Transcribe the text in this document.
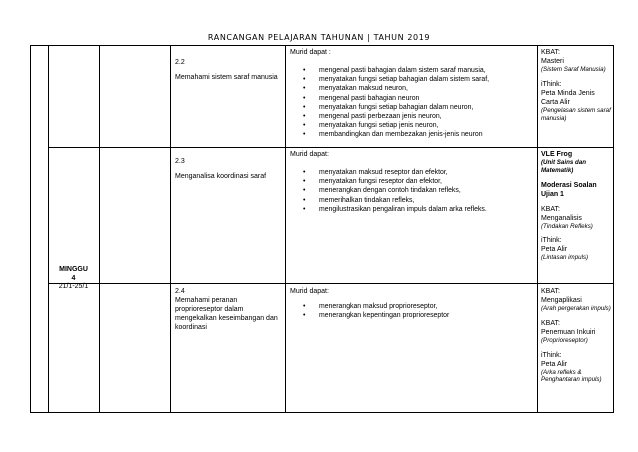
RANCANGAN PELAJARAN TAHUNAN | TAHUN 2019
MINGGU
4
21/1-25/1

2.2

Memahami sistem saraf manusia

Murid dapat :

• mengenal pasti bahagian dalam sistem saraf manusia,
• menyatakan fungsi setiap bahagian dalam sistem saraf,
• menyatakan maksud neuron,
• mengenal pasti bahagian neuron
• menyatakan fungsi setiap bahagian dalam neuron,
• mengenal pasti perbezaan jenis neuron,
• menyatakan fungsi setiap jenis neuron,
• membandingkan dan membezakan jenis-jenis neuron

KBAT:

Masteri

(Sistem Saraf Manusia)

iThink:

Peta Minda Jenis Carta Alir

(Pengelasan sistem saraf manusia)

2.3

Menganalisa koordinasi saraf

Murid dapat:

• menyatakan maksud reseptor dan efektor,
• menyatakan fungsi reseptor dan efektor,
• menerangkan dengan contoh tindakan refleks,
• memerihalkan tindakan refleks,
• mengilustrasikan pengaliran impuls dalam arka refleks.

VLE Frog

(Unit Sains dan Matematik)

Moderasi Soalan Ujian 1

KBAT:

Menganalisis

(Tindakan Refleks)

iThink:

Peta Alir

(Lintasan impuls)

2.4

Memahami peranan proprioreseptor dalam mengekalkan keseimbangan dan koordinasi

Murid dapat:

• menerangkan maksud proprioreseptor,
• menerangkan kepentingan proprioreseptor

KBAT:

Mengaplikasi

(Arah pergerakan impuls)

KBAT:

Penemuan Inkuiri

(Proprioreseptor)

iThink:

Peta Alir

(Arka refleks & Penghantaran impuls)
